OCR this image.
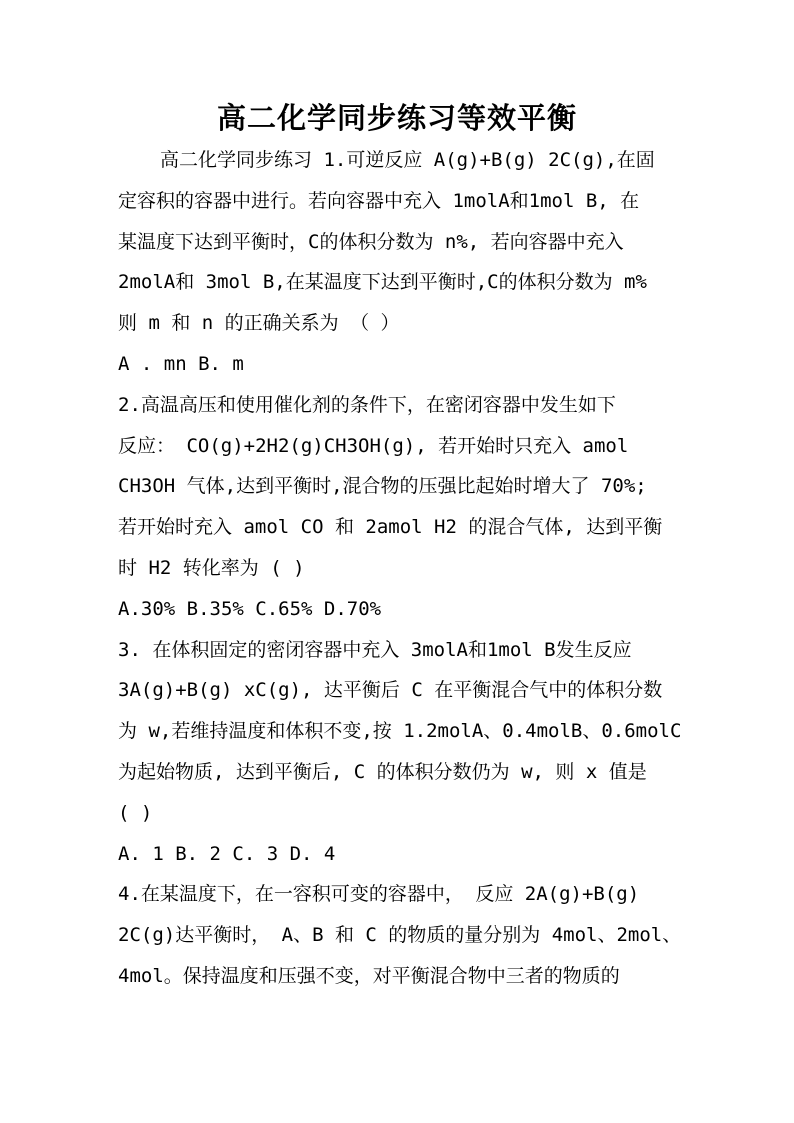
高二化学同步练习等效平衡
高二化学同步练习 1.可逆反应 A(g)+B(g) 2C(g),在固
定容积的容器中进行。若向容器中充入 1molA和1mol B, 在
某温度下达到平衡时，C的体积分数为 n%, 若向容器中充入
2molA和 3mol B,在某温度下达到平衡时,C的体积分数为 m%
则 m 和 n 的正确关系为 （ ）
A . mn B. m
2.高温高压和使用催化剂的条件下，在密闭容器中发生如下
反应： CO(g)+2H2(g)CH3OH(g), 若开始时只充入 amol
CH3OH 气体,达到平衡时,混合物的压强比起始时增大了 70%;
若开始时充入 amol CO 和 2amol H2 的混合气体, 达到平衡
时 H2 转化率为 ( )
A.30% B.35% C.65% D.70%
3. 在体积固定的密闭容器中充入 3molA和1mol B发生反应
3A(g)+B(g) xC(g), 达平衡后 C 在平衡混合气中的体积分数
为 w,若维持温度和体积不变,按 1.2molA、0.4molB、0.6molC
为起始物质, 达到平衡后, C 的体积分数仍为 w, 则 x 值是
( )
A. 1 B. 2 C. 3 D. 4
4.在某温度下，在一容积可变的容器中， 反应 2A(g)+B(g)
2C(g)达平衡时， A、B 和 C 的物质的量分别为 4mol、2mol、
4mol。保持温度和压强不变，对平衡混合物中三者的物质的
